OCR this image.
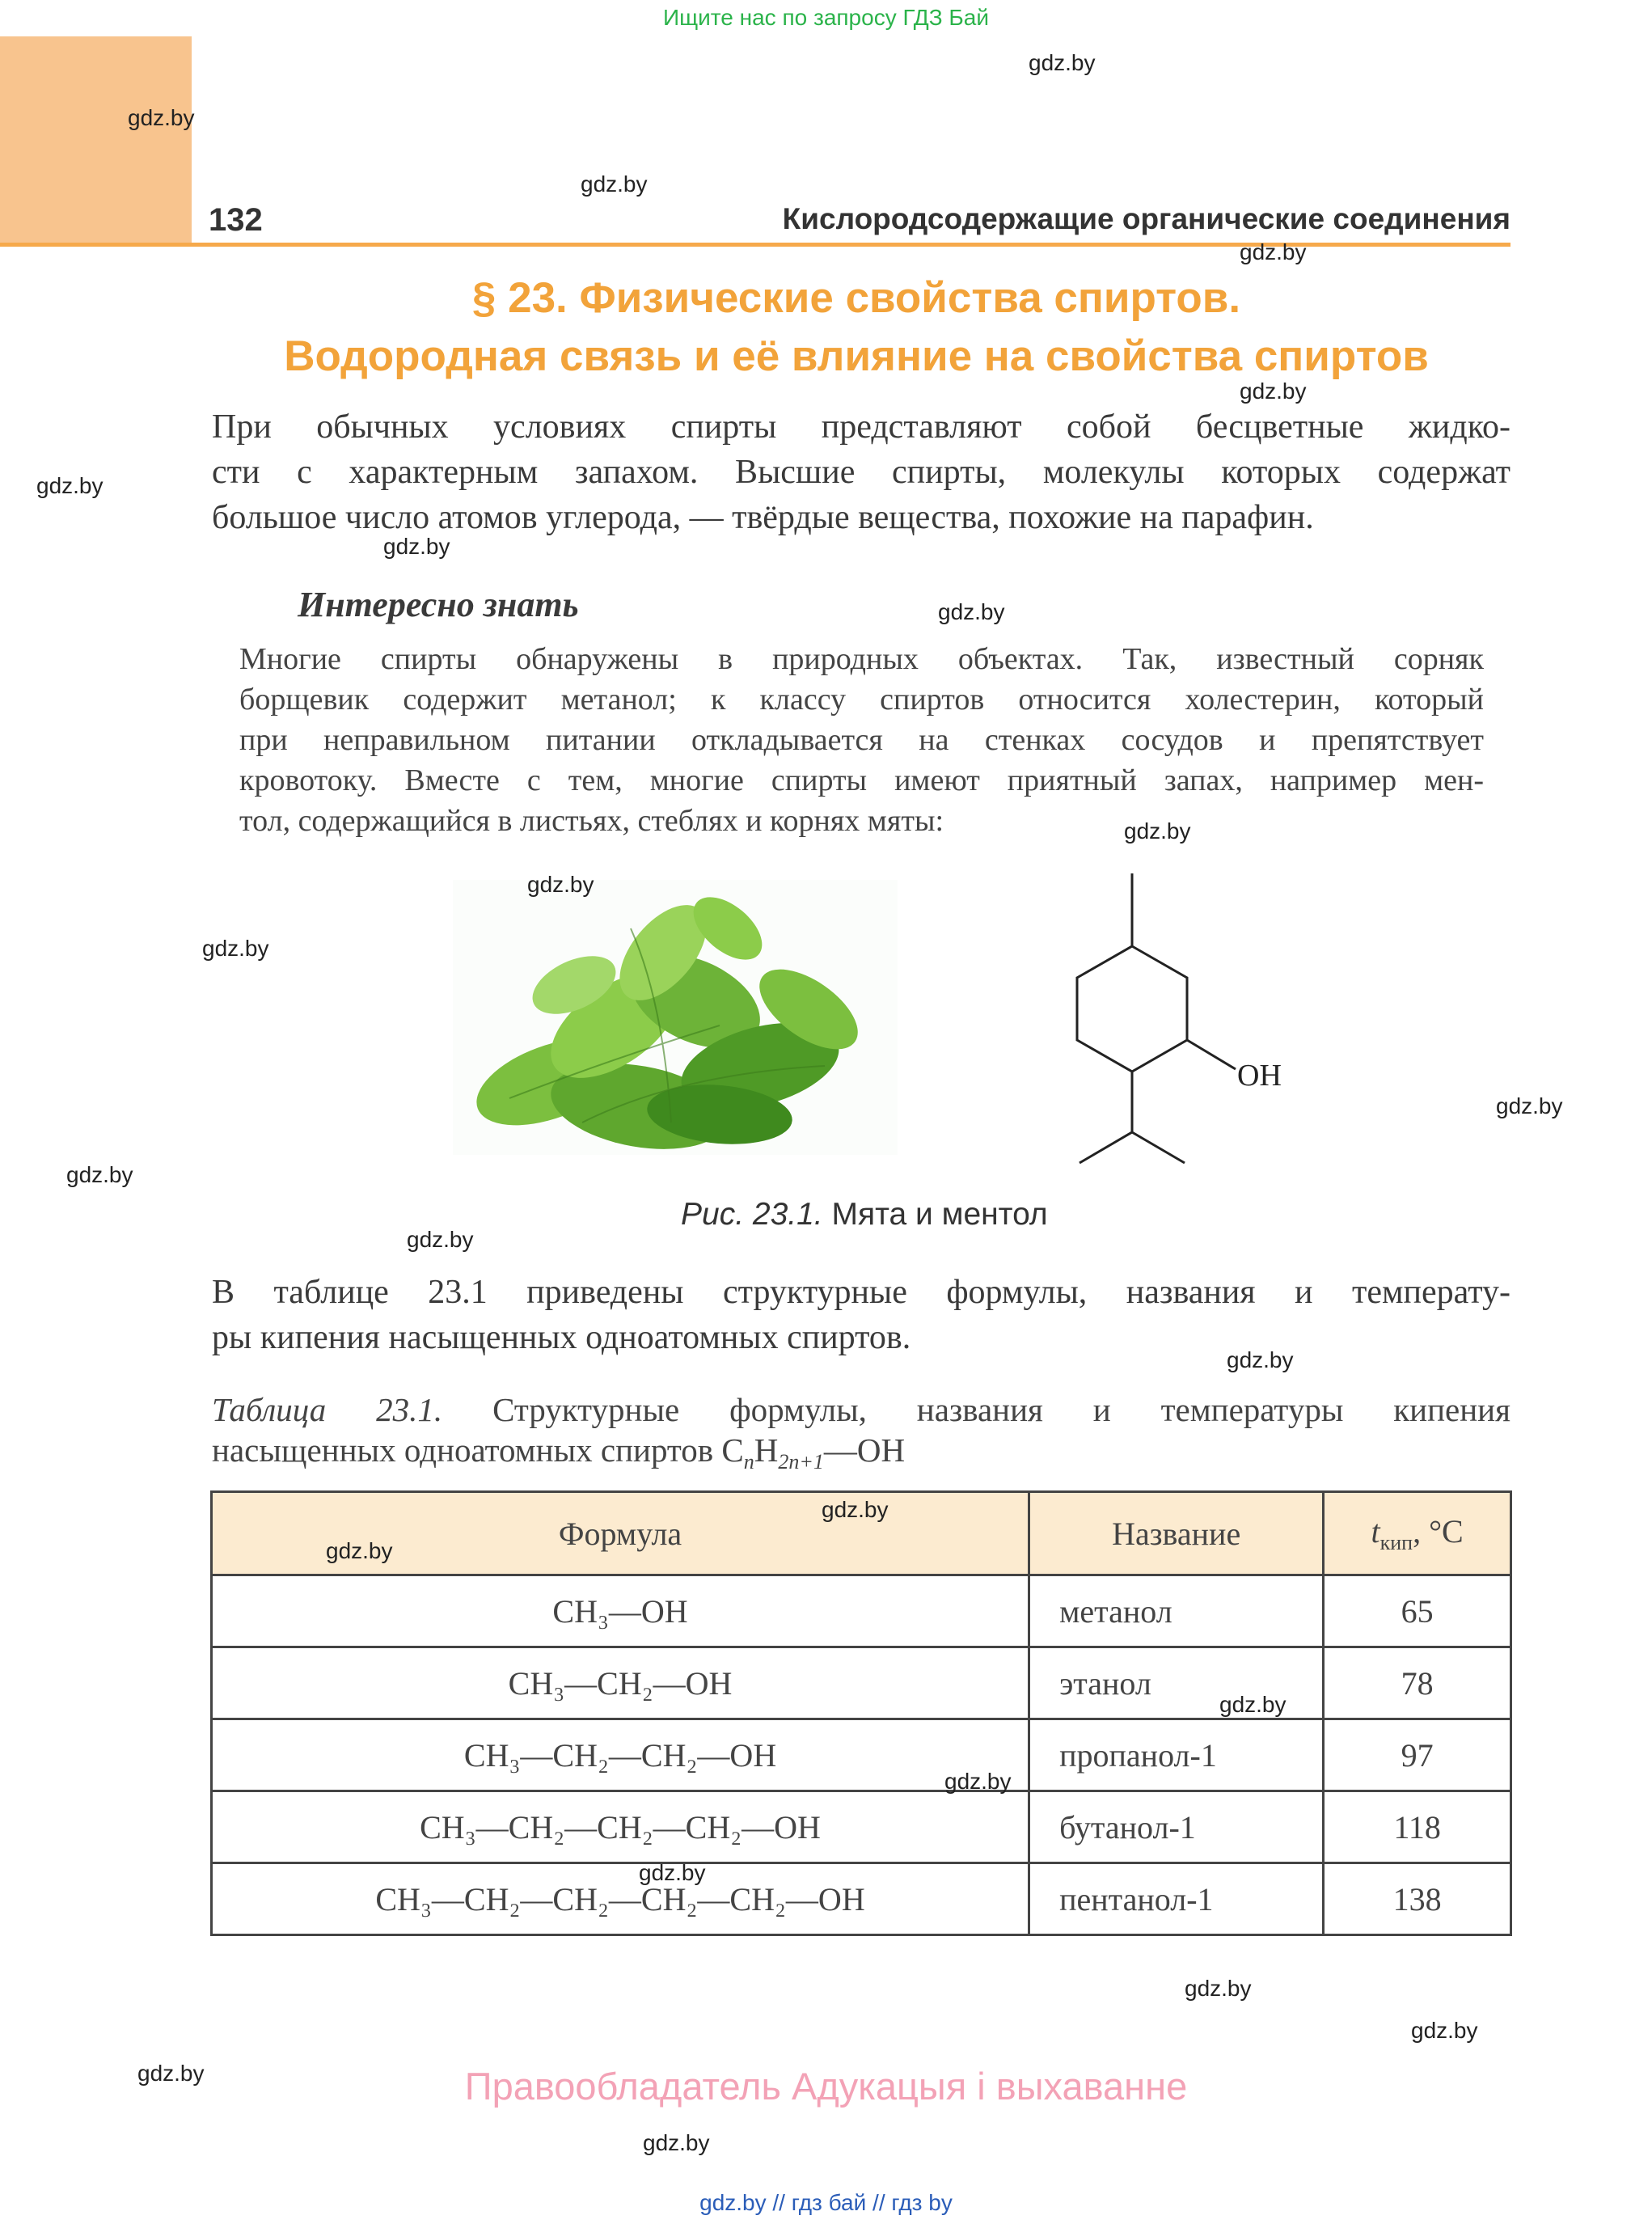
Ищите нас по запросу ГДЗ Бай
132	Кислородсодержащие органические соединения
§ 23. Физические свойства спиртов.
Водородная связь и её влияние на свойства спиртов
При обычных условиях спирты представляют собой бесцветные жидко-
сти с характерным запахом. Высшие спирты, молекулы которых содержат
большое число атомов углерода, — твёрдые вещества, похожие на парафин.
Интересно знать
Многие спирты обнаружены в природных объектах. Так, известный сорняк
борщевик содержит метанол; к классу спиртов относится холестерин, который
при неправильном питании откладывается на стенках сосудов и препятствует
кровотоку. Вместе с тем, многие спирты имеют приятный запах, например мен-
тол, содержащийся в листьях, стеблях и корнях мяты:
OH
Рис. 23.1. Мята и ментол
В таблице 23.1 приведены структурные формулы, названия и температу-
ры кипения насыщенных одноатомных спиртов.
Таблица 23.1. Структурные формулы, названия и температуры кипения
насыщенных одноатомных спиртов $C_nH_{2n+1}—OH$
Формула	Название	$t_{кип}$, °C
CH₃—OH	метанол	65
CH₃—CH₂—OH	этанол	78
CH₃—CH₂—CH₂—OH	пропанол-1	97
CH₃—CH₂—CH₂—CH₂—OH	бутанол-1	118
CH₃—CH₂—CH₂—CH₂—CH₂—OH	пентанол-1	138
Правообладатель Адукацыя і выхаванне
gdz.by // гдз бай // гдз by
gdz.by
gdz.by
gdz.by
gdz.by
gdz.by
gdz.by
gdz.by
gdz.by
gdz.by
gdz.by
gdz.by
gdz.by
gdz.by
gdz.by
gdz.by
gdz.by
gdz.by
gdz.by
gdz.by
gdz.by
gdz.by
gdz.by
gdz.by
gdz.by
